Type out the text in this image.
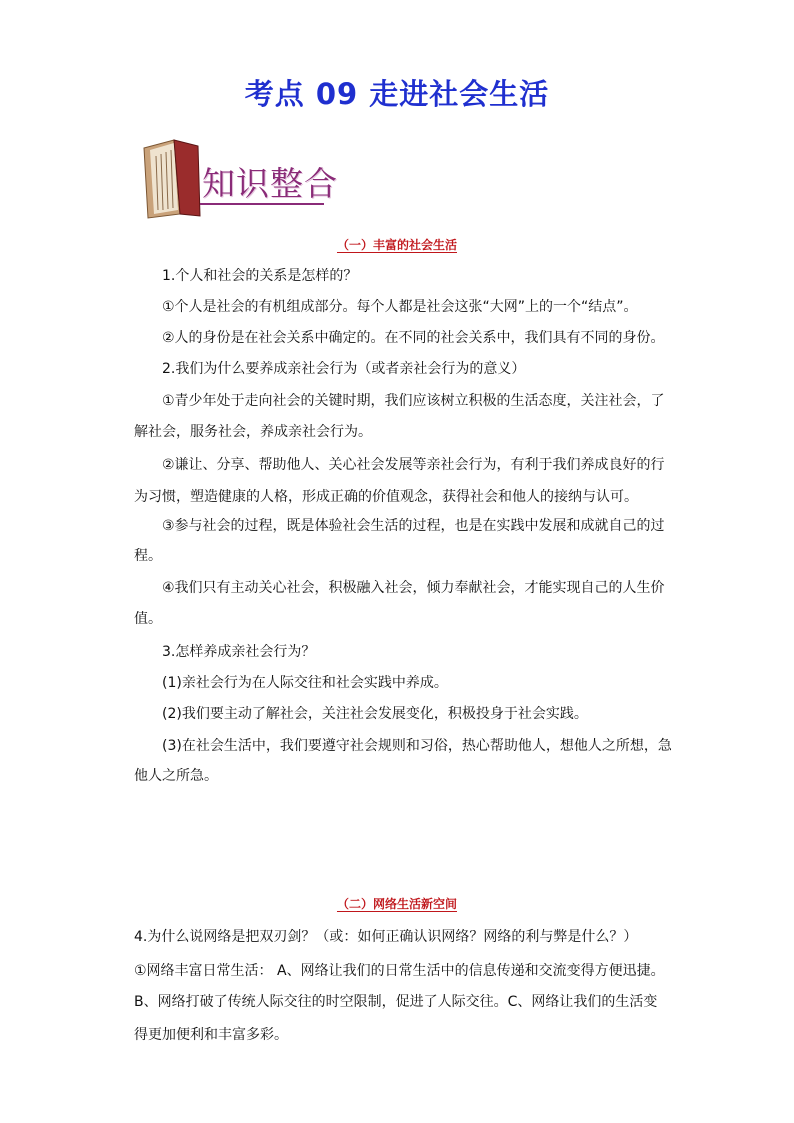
考点 09 走进社会生活
知识整合
（一）丰富的社会生活
1.个人和社会的关系是怎样的？
①个人是社会的有机组成部分。每个人都是社会这张“大网”上的一个“结点”。
②人的身份是在社会关系中确定的。在不同的社会关系中，我们具有不同的身份。
2.我们为什么要养成亲社会行为（或者亲社会行为的意义）
①青少年处于走向社会的关键时期，我们应该树立积极的生活态度，关注社会，了
解社会，服务社会，养成亲社会行为。
②谦让、分享、帮助他人、关心社会发展等亲社会行为，有利于我们养成良好的行
为习惯，塑造健康的人格，形成正确的价值观念，获得社会和他人的接纳与认可。
③参与社会的过程，既是体验社会生活的过程，也是在实践中发展和成就自己的过
程。
④我们只有主动关心社会，积极融入社会，倾力奉献社会，才能实现自己的人生价
值。
3.怎样养成亲社会行为？
(1)亲社会行为在人际交往和社会实践中养成。
(2)我们要主动了解社会，关注社会发展变化，积极投身于社会实践。
(3)在社会生活中，我们要遵守社会规则和习俗，热心帮助他人，想他人之所想，急
他人之所急。
（二）网络生活新空间
4.为什么说网络是把双刃剑？（或：如何正确认识网络？网络的利与弊是什么？）
①网络丰富日常生活： A、网络让我们的日常生活中的信息传递和交流变得方便迅捷。
B、网络打破了传统人际交往的时空限制，促进了人际交往。C、网络让我们的生活变
得更加便利和丰富多彩。
